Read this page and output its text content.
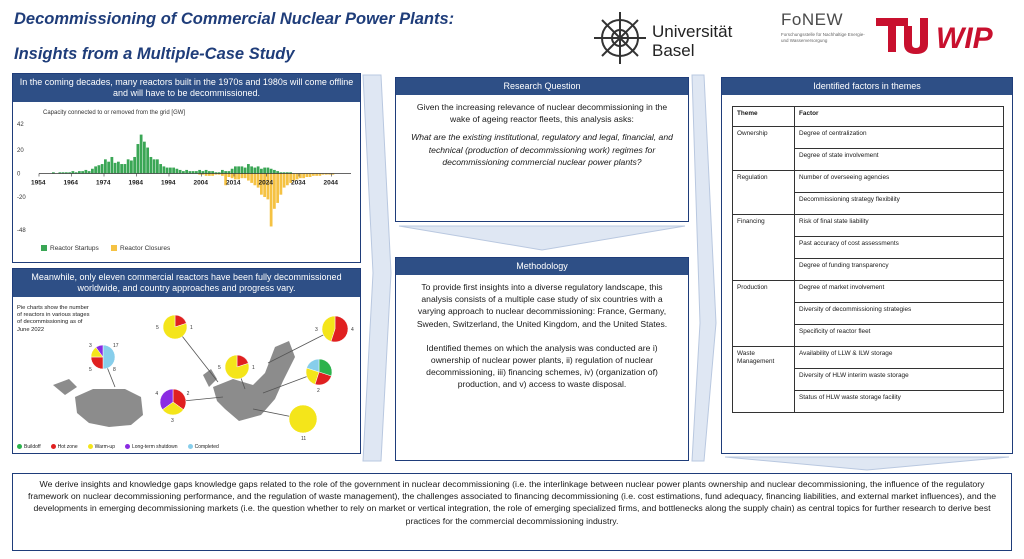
Decommissioning of Commercial Nuclear Power Plants:
Insights from a Multiple-Case Study
Universität
Basel
FoNEW
Forschungsstelle für Nachhaltige Energie- und Wasserversorgung	WIP
In the coming decades, many reactors built in the 1970s and 1980s will come offline and will have to be decommissioned.
Capacity connected to or removed from the grid [GW]
42
20
0
-20
-48
1954	1964	1974	1984	1994	2004	2014	2024	2034	2044
Reactor Startups	Reactor Closures
Meanwhile, only eleven commercial reactors have been fully decommissioned worldwide, and country approaches and progress vary.
Pie charts show the number of reactors in various stages of decommissioning as of June 2022
17
8
5
3
1
5
2
3
4
1
5
4
3
2
11
Buildoff	Hot zone	Warm-up	Long-term shutdown	Completed
Research Question
Given the increasing relevance of nuclear decommissioning in the wake of ageing reactor fleets, this analysis asks:
What are the existing institutional, regulatory and legal, financial, and technical (production of decommissioning work) regimes for decommissioning commercial nuclear power plants?
Methodology
To provide first insights into a diverse regulatory landscape, this analysis consists of a multiple case study of six countries with a varying approach to nuclear decommissioning: France, Germany, Sweden, Switzerland, the United Kingdom, and the United States.
Identified themes on which the analysis was conducted are i) ownership of nuclear power plants, ii) regulation of nuclear decommissioning, iii) financing schemes, iv) (organization of) production, and v) access to waste disposal.
Identified factors in themes
Theme	Factor
Ownership	Degree of centralization
	Degree of state involvement
Regulation	Number of overseeing agencies
	Decommissioning strategy flexibility
Financing	Risk of final state liability
	Past accuracy of cost assessments
	Degree of funding transparency
Production	Degree of market involvement
	Diversity of decommissioning strategies
	Specificity of reactor fleet
Waste Management	Availability of LLW & ILW storage
	Diversity of HLW interim waste storage
	Status of HLW waste storage facility
We derive insights and knowledge gaps knowledge gaps related to the role of the government in nuclear decommissioning (i.e. the interlinkage between nuclear power plants ownership and nuclear decommissioning, the influence of the regulatory framework on nuclear decommissioning performance, and the regulation of waste management), the challenges associated to financing decommissioning (i.e. cost estimations, fund adequacy, financing liabilities, and external market influences), and the developments in emerging decommissioning markets (i.e. the question whether to rely on market or vertical integration, the role of emerging specialized firms, and bottlenecks along the supply chain) as central topics for further research to derive best practices for the commercial decommissioning industry.
